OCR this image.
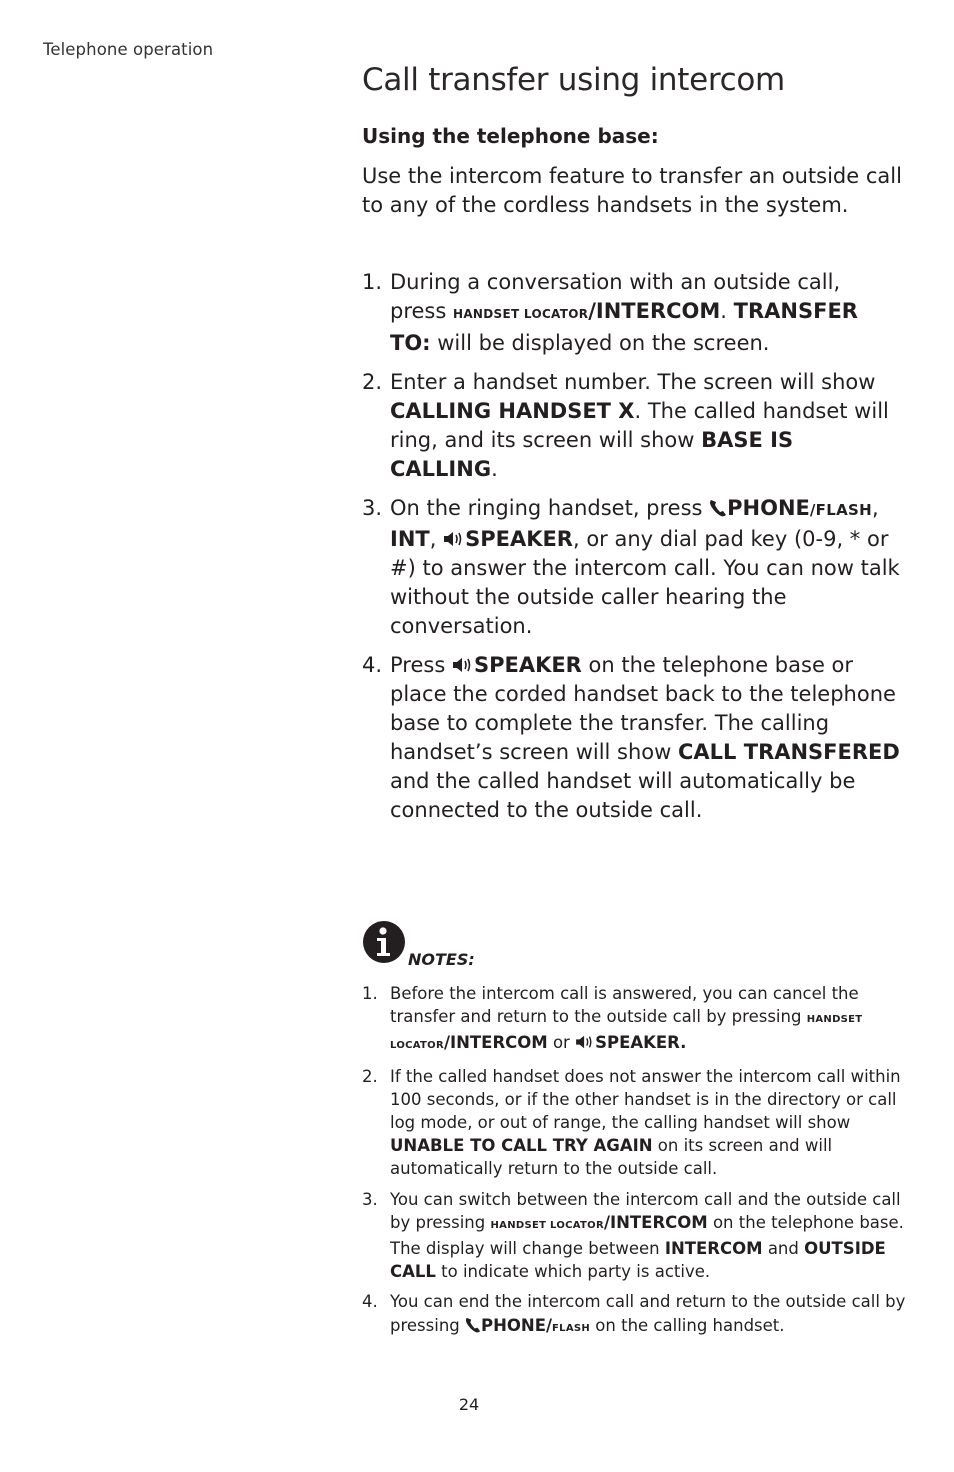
Telephone operation
Call transfer using intercom
Using the telephone base:

Use the intercom feature to transfer an outside call to any of the cordless handsets in the system.

1. During a conversation with an outside call, press HANDSET LOCATOR/INTERCOM. TRANSFER TO: will be displayed on the screen.
2. Enter a handset number. The screen will show CALLING HANDSET X. The called handset will ring, and its screen will show BASE IS CALLING.
3. On the ringing handset, press PHONE/FLASH, INT, SPEAKER, or any dial pad key (0-9, * or #) to answer the intercom call. You can now talk without the outside caller hearing the conversation.
4. Press SPEAKER on the telephone base or place the corded handset back to the telephone base to complete the transfer. The calling handset’s screen will show CALL TRANSFERED and the called handset will automatically be connected to the outside call.
NOTES:
1. Before the intercom call is answered, you can cancel the transfer and return to the outside call by pressing HANDSET LOCATOR/INTERCOM or SPEAKER.
2. If the called handset does not answer the intercom call within 100 seconds, or if the other handset is in the directory or call log mode, or out of range, the calling handset will show UNABLE TO CALL TRY AGAIN on its screen and will automatically return to the outside call.
3. You can switch between the intercom call and the outside call by pressing HANDSET LOCATOR/INTERCOM on the telephone base. The display will change between INTERCOM and OUTSIDE CALL to indicate which party is active.
4. You can end the intercom call and return to the outside call by pressing PHONE/FLASH on the calling handset.
24
